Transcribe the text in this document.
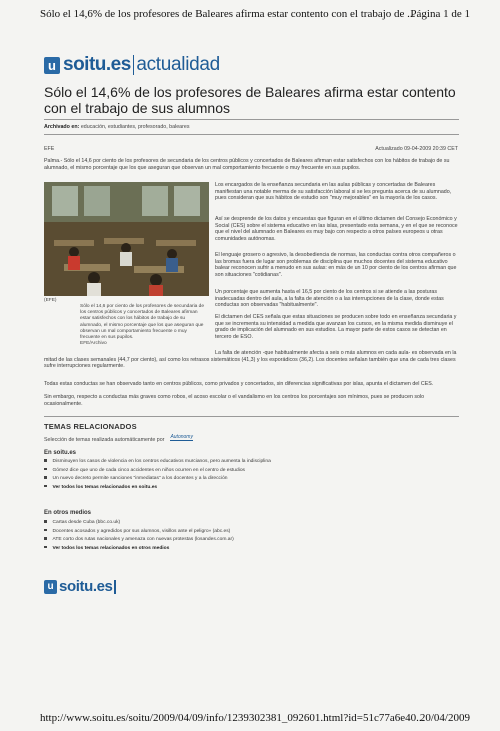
Sólo el 14,6% de los profesores de Baleares afirma estar contento con el trabajo de ...
Página 1 de 1
u soitu.es actualidad
Sólo el 14,6% de los profesores de Baleares afirma estar contento con el trabajo de sus alumnos
Archivado en: educación, estudiantes, profesorado, baleares
EFE	Actualizado 09-04-2009 20:39 CET

Palma.- Sólo el 14,6 por ciento de los profesores de secundaria de los centros públicos y concertados de Baleares afirman estar satisfechos con los hábitos de trabajo de su alumnado, el mismo porcentaje que los que aseguran que observan un mal comportamiento frecuente o muy frecuente en sus pupilos.

(EFE)

Sólo el 14,6 por ciento de los profesores de secundaria de los centros públicos y concertados de Baleares afirman estar satisfechos con los hábitos de trabajo de su alumnado, el mismo porcentaje que los que aseguran que observan un mal comportamiento frecuente o muy frecuente en sus pupilos.
EFE/Archivo

Los encargados de la enseñanza secundaria en las aulas públicas y concertadas de Baleares manifiestan una notable merma de su satisfacción laboral si se les pregunta acerca de su alumnado, pues consideran que sus hábitos de estudio son "muy mejorables" en la mayoría de los casos.

Así se desprende de los datos y encuestas que figuran en el último dictamen del Consejo Económico y Social (CES) sobre el sistema educativo en las islas, presentado esta semana, y en el que se reconoce que el nivel del alumnado en Baleares es muy bajo con respecto a otros países europeos u otras comunidades autónomas.

El lenguaje grosero o agresivo, la desobediencia de normas, las conductas contra otros compañeros o las bromas fuera de lugar son problemas de disciplina que muchos docentes del sistema educativo balear reconocen sufrir a menudo en sus aulas: en más de un 10 por ciento de los centros afirman que son situaciones "cotidianas".

Un porcentaje que aumenta hasta el 16,5 por ciento de los centros si se atiende a las posturas inadecuadas dentro del aula, a la falta de atención o a las interrupciones de la clase, donde estas conductas son observadas "habitualmente".

El dictamen del CES señala que estas situaciones se producen sobre todo en enseñanza secundaria y que se incrementa su intensidad a medida que avanzan los cursos, en la misma medida disminuye el grado de implicación del alumnado en sus estudios. La mayor parte de estos casos se detectan en tercero de ESO.

La falta de atención -que habitualmente afecta a seis o más alumnos en cada aula- es observada en la mitad de las clases semanales (44,7 por ciento), así como los retrasos sistemáticos (41,3) y los esporádicos (36,2). Los docentes señalan también que una de cada tres clases sufre interrupciones regularmente.

Todas estas conductas se han observado tanto en centros públicos, como privados y concertados, sin diferencias significativas por islas, apunta el dictamen del CES.

Sin embargo, respecto a conductas más graves como robos, el acoso escolar o el vandalismo en los centros los porcentajes son mínimos, pues se producen solo ocasionalmente.

TEMAS RELACIONADOS
Selección de temas realizada automáticamente por Autonomy
En soitu.es
Disminuyen los casos de violencia en los centros educativos murcianos, pero aumenta la indisciplina
Gómez dice que uno de cada cinco accidentes en niños ocurren en el centro de estudios
Un nuevo decreto permite sanciones "inmediatas" a los docentes y a la dirección
Ver todos los temas relacionados en soitu.es
En otros medios
Cartas desde Cuba (bbc.co.uk)
Docentes acosados y agredidos por sus alumnos, visillos ante el peligro» (abc.es)
ATE corto dos rutas nacionales y amenaza con nuevas protestas (losandes.com.ar)
Ver todos los temas relacionados en otros medios
u soitu.es
http://www.soitu.es/soitu/2009/04/09/info/1239302381_092601.html?id=51c77a6e40...
20/04/2009
